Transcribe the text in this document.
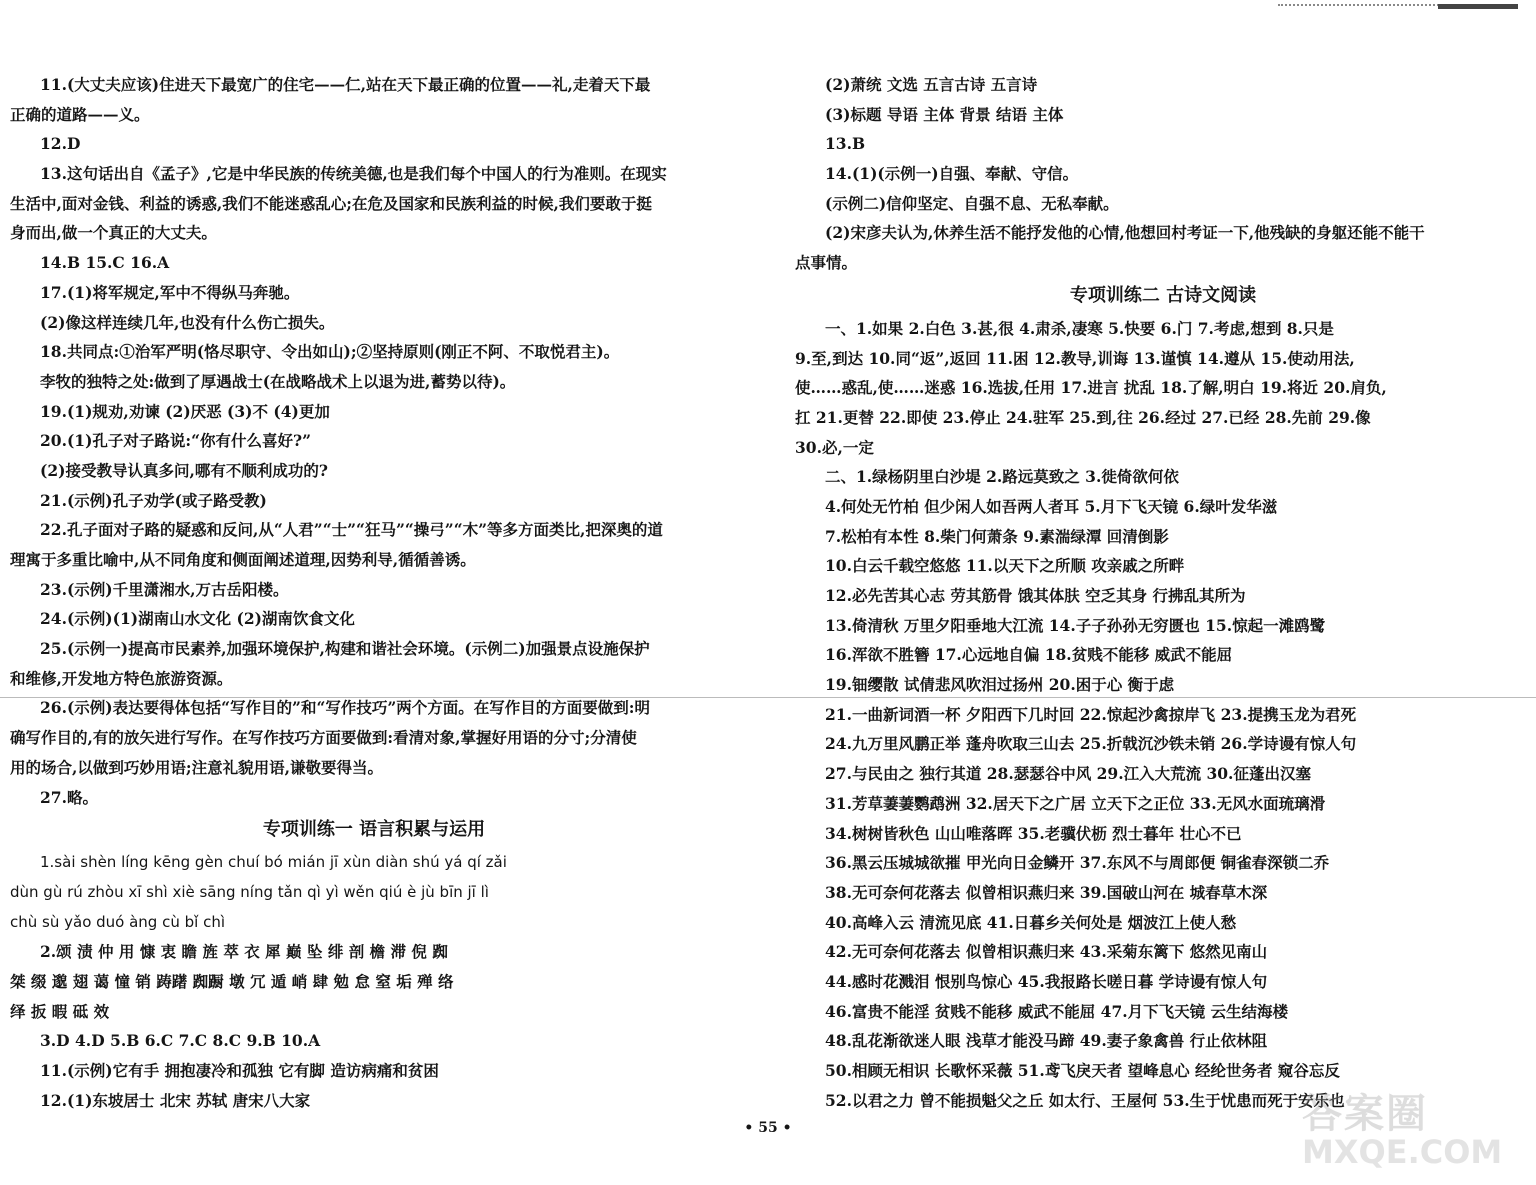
11.(大丈夫应该)住进天下最宽广的住宅——仁,站在天下最正确的位置——礼,走着天下最
正确的道路——义。
12.D
13.这句话出自《孟子》,它是中华民族的传统美德,也是我们每个中国人的行为准则。在现实
生活中,面对金钱、利益的诱惑,我们不能迷惑乱心;在危及国家和民族利益的时候,我们要敢于挺
身而出,做一个真正的大丈夫。
14.B 15.C 16.A
17.(1)将军规定,军中不得纵马奔驰。
(2)像这样连续几年,也没有什么伤亡损失。
18.共同点:①治军严明(恪尽职守、令出如山);②坚持原则(刚正不阿、不取悦君主)。
李牧的独特之处:做到了厚遇战士(在战略战术上以退为进,蓄势以待)。
19.(1)规劝,劝谏 (2)厌恶 (3)不 (4)更加
20.(1)孔子对子路说:“你有什么喜好?”
(2)接受教导认真多问,哪有不顺利成功的?
21.(示例)孔子劝学(或子路受教)
22.孔子面对子路的疑惑和反问,从“人君”“士”“狂马”“操弓”“木”等多方面类比,把深奥的道
理寓于多重比喻中,从不同角度和侧面阐述道理,因势利导,循循善诱。
23.(示例)千里潇湘水,万古岳阳楼。
24.(示例)(1)湖南山水文化 (2)湖南饮食文化
25.(示例一)提高市民素养,加强环境保护,构建和谐社会环境。(示例二)加强景点设施保护
和维修,开发地方特色旅游资源。
26.(示例)表达要得体包括“写作目的”和“写作技巧”两个方面。在写作目的方面要做到:明
确写作目的,有的放矢进行写作。在写作技巧方面要做到:看清对象,掌握好用语的分寸;分清使
用的场合,以做到巧妙用语;注意礼貌用语,谦敬要得当。
27.略。
专项训练一 语言积累与运用
1.sài shèn líng kēng gèn chuí bó mián jī xùn diàn shú yá qí zǎi
dùn gù rú zhòu xī shì xiè sāng níng tǎn qì yì wěn qiú è jù bīn jī lì
chù sù yǎo duó àng cù bǐ chì
2.颂 渍 仲 用 慷 衷 瞻 旌 萃 衣 犀 巅 坠 绯 剖 檐 滞 倪 踟
桀 缀 邈 翅 蔼 憧 销 踌躇 踟蹰 墩 冗 遁 峭 肆 勉 怠 窒 垢 殚 络
绎 扳 暇 砥 效
3.D 4.D 5.B 6.C 7.C 8.C 9.B 10.A
11.(示例)它有手 拥抱凄冷和孤独 它有脚 造访病痛和贫困
12.(1)东坡居士 北宋 苏轼 唐宋八大家
(2)萧统 文选 五言古诗 五言诗
(3)标题 导语 主体 背景 结语 主体
13.B
14.(1)(示例一)自强、奉献、守信。
(示例二)信仰坚定、自强不息、无私奉献。
(2)宋彦夫认为,休养生活不能抒发他的心情,他想回村考证一下,他残缺的身躯还能不能干
点事情。
专项训练二 古诗文阅读
一、1.如果 2.白色 3.甚,很 4.肃杀,凄寒 5.快要 6.门 7.考虑,想到 8.只是
9.至,到达 10.同“返”,返回 11.困 12.教导,训诲 13.谨慎 14.遵从 15.使动用法,
使……惑乱,使……迷惑 16.选拔,任用 17.进言 扰乱 18.了解,明白 19.将近 20.肩负,
扛 21.更替 22.即使 23.停止 24.驻军 25.到,往 26.经过 27.已经 28.先前 29.像
30.必,一定
二、1.绿杨阴里白沙堤 2.路远莫致之 3.徙倚欲何依
4.何处无竹柏 但少闲人如吾两人者耳 5.月下飞天镜 6.绿叶发华滋
7.松柏有本性 8.柴门何萧条 9.素湍绿潭 回清倒影
10.白云千载空悠悠 11.以天下之所顺 攻亲戚之所畔
12.必先苦其心志 劳其筋骨 饿其体肤 空乏其身 行拂乱其所为
13.倚清秋 万里夕阳垂地大江流 14.子子孙孙无穷匮也 15.惊起一滩鸥鹭
16.浑欲不胜簪 17.心远地自偏 18.贫贱不能移 威武不能屈
19.钿缨散 试倩悲风吹泪过扬州 20.困于心 衡于虑
21.一曲新词酒一杯 夕阳西下几时回 22.惊起沙禽掠岸飞 23.提携玉龙为君死
24.九万里风鹏正举 蓬舟吹取三山去 25.折戟沉沙铁未销 26.学诗谩有惊人句
27.与民由之 独行其道 28.瑟瑟谷中风 29.江入大荒流 30.征蓬出汉塞
31.芳草萋萋鹦鹉洲 32.居天下之广居 立天下之正位 33.无风水面琉璃滑
34.树树皆秋色 山山唯落晖 35.老骥伏枥 烈士暮年 壮心不已
36.黑云压城城欲摧 甲光向日金鳞开 37.东风不与周郎便 铜雀春深锁二乔
38.无可奈何花落去 似曾相识燕归来 39.国破山河在 城春草木深
40.高峰入云 清流见底 41.日暮乡关何处是 烟波江上使人愁
42.无可奈何花落去 似曾相识燕归来 43.采菊东篱下 悠然见南山
44.感时花溅泪 恨别鸟惊心 45.我报路长嗟日暮 学诗谩有惊人句
46.富贵不能淫 贫贱不能移 威武不能屈 47.月下飞天镜 云生结海楼
48.乱花渐欲迷人眼 浅草才能没马蹄 49.妻子象禽兽 行止依林阻
50.相顾无相识 长歌怀采薇 51.鸢飞戾天者 望峰息心 经纶世务者 窥谷忘反
52.以君之力 曾不能损魁父之丘 如太行、王屋何 53.生于忧患而死于安乐也
• 55 •	答案圈
MXQE.COM
